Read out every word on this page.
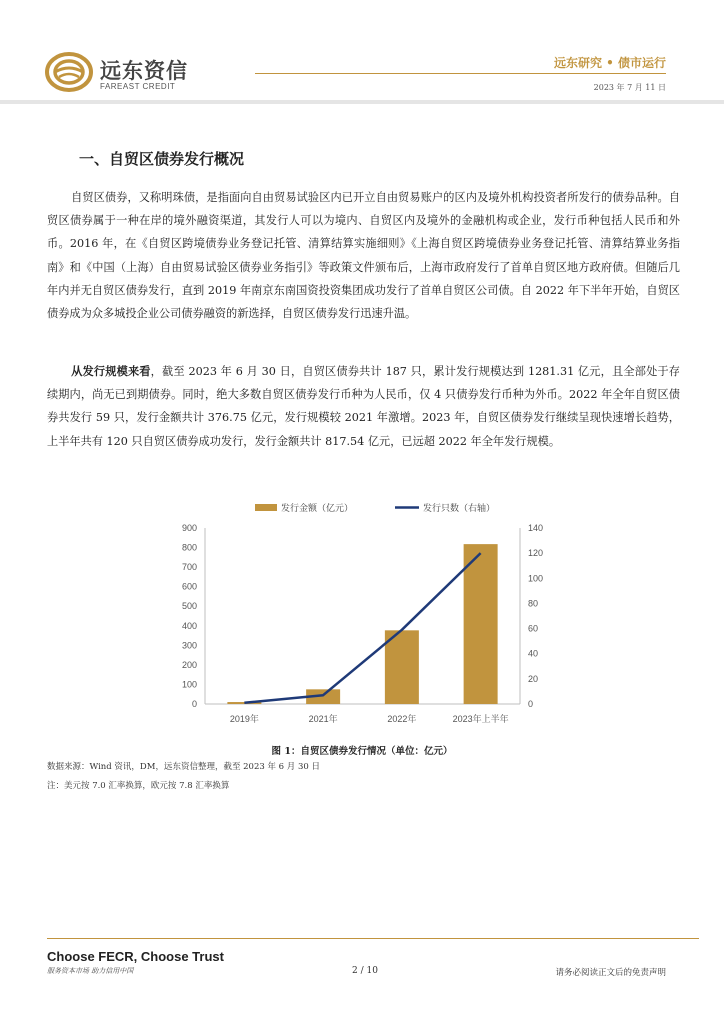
远东资信
FAREAST CREDIT
远东研究 • 债市运行
2023 年 7 月 11 日
一、自贸区债券发行概况
自贸区债券，又称明珠债，是指面向自由贸易试验区内已开立自由贸易账户的区内及境外机构投资者所发行的债券品种。自贸区债券属于一种在岸的境外融资渠道，其发行人可以为境内、自贸区内及境外的金融机构或企业，发行币种包括人民币和外币。2016 年，在《自贸区跨境债券业务登记托管、清算结算实施细则》《上海自贸区跨境债券业务登记托管、清算结算业务指南》和《中国（上海）自由贸易试验区债券业务指引》等政策文件颁布后，上海市政府发行了首单自贸区地方政府债。但随后几年内并无自贸区债券发行，直到 2019 年南京东南国资投资集团成功发行了首单自贸区公司债。自 2022 年下半年开始，自贸区债券成为众多城投企业公司债券融资的新选择，自贸区债券发行迅速升温。
从发行规模来看，截至 2023 年 6 月 30 日，自贸区债券共计 187 只，累计发行规模达到 1281.31 亿元，且全部处于存续期内，尚无已到期债券。同时，绝大多数自贸区债券发行币种为人民币，仅 4 只债券发行币种为外币。2022 年全年自贸区债券共发行 59 只，发行金额共计 376.75 亿元，发行规模较 2021 年激增。2023 年，自贸区债券发行继续呈现快速增长趋势，上半年共有 120 只自贸区债券成功发行，发行金额共计 817.54 亿元，已远超 2022 年全年发行规模。
0
100
200
300
400
500
600
700
800
900
0
20
40
60
80
100
120
140
2019年	2021年	2022年	2023年上半年
发行金额（亿元）	发行只数（右轴）
图 1：自贸区债券发行情况（单位：亿元）
数据来源：Wind 资讯，DM，远东资信整理，截至 2023 年 6 月 30 日
注：美元按 7.0 汇率换算，欧元按 7.8 汇率换算
Choose FECR, Choose Trust
服务资本市场 助力信用中国	2 / 10	请务必阅读正文后的免责声明
